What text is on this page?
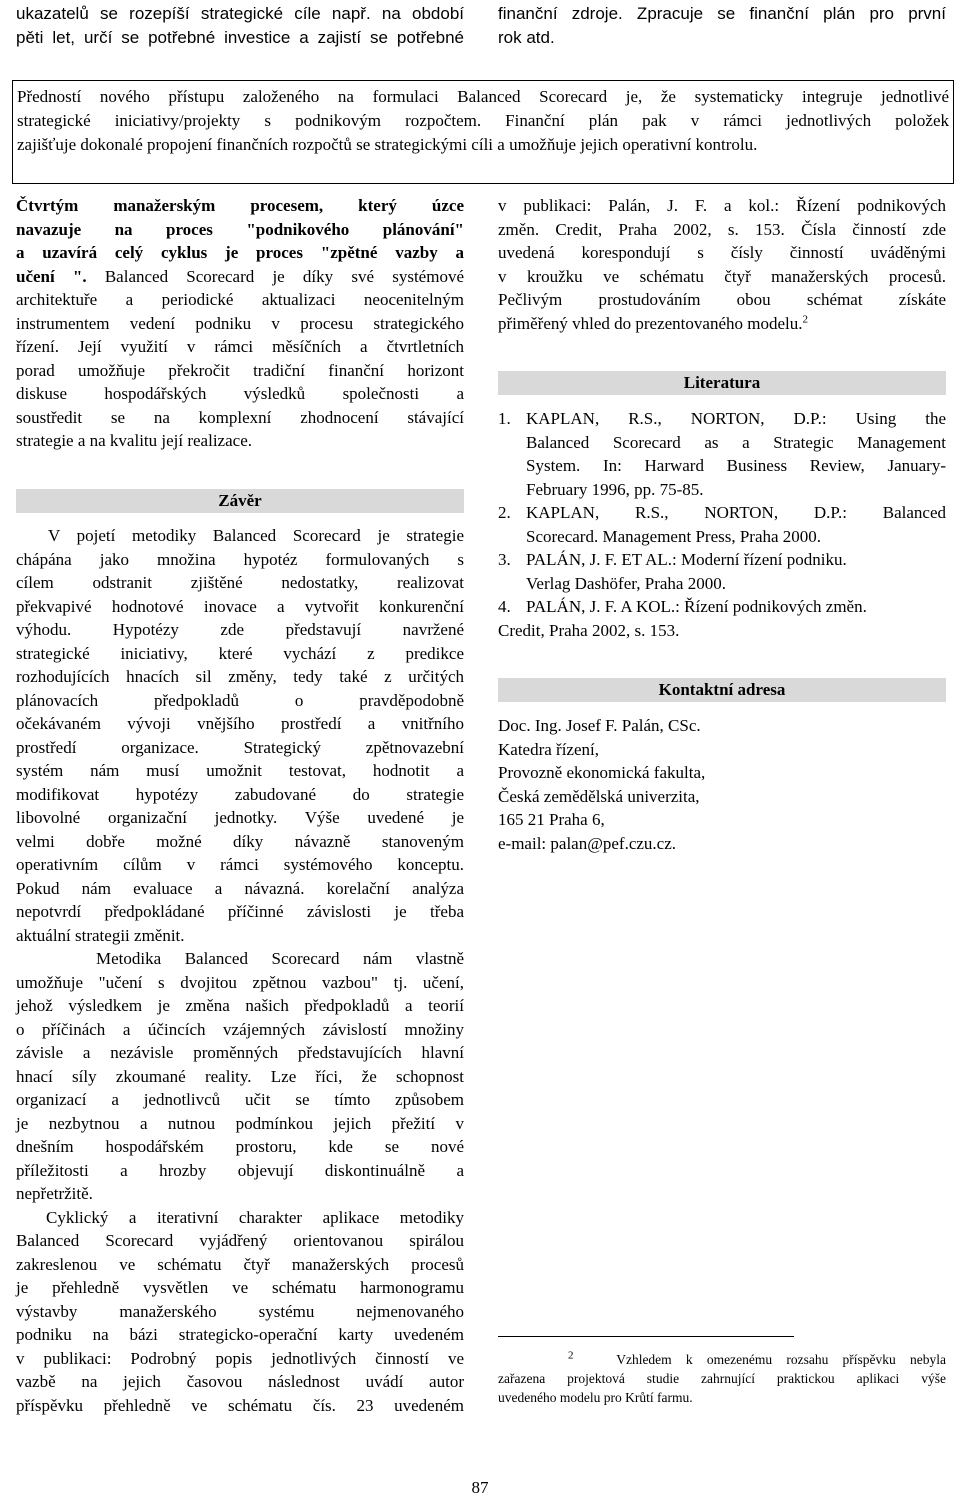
ukazatelů se rozepíší strategické cíle např. na období
pěti let, určí se potřebné investice a zajistí se potřebné
finanční zdroje. Zpracuje se finanční plán pro první
rok atd.
Předností nového přístupu založeného na formulaci Balanced Scorecard je, že systematicky integruje jednotlivé
strategické iniciativy/projekty s podnikovým rozpočtem. Finanční plán pak v rámci jednotlivých položek
zajišťuje dokonalé propojení finančních rozpočtů se strategickými cíli a umožňuje jejich operativní kontrolu.
Čtvrtým manažerským procesem, který úzce
navazuje na proces "podnikového plánování"
a uzavírá celý cyklus je proces "zpětné vazby a
učení ". Balanced Scorecard je díky své systémové
architektuře a periodické aktualizaci neocenitelným
instrumentem vedení podniku v procesu strategického
řízení. Její využití v rámci měsíčních a čtvrtletních
porad umožňuje překročit tradiční finanční horizont
diskuse hospodářských výsledků společnosti a
soustředit se na komplexní zhodnocení stávající
strategie a na kvalitu její realizace.
Závěr
V pojetí metodiky Balanced Scorecard je strategie
chápána jako množina hypotéz formulovaných s
cílem odstranit zjištěné nedostatky, realizovat
překvapivé hodnotové inovace a vytvořit konkurenční
výhodu. Hypotézy zde představují navržené
strategické iniciativy, které vychází z predikce
rozhodujících hnacích sil změny, tedy také z určitých
plánovacích předpokladů o pravděpodobně
očekávaném vývoji vnějšího prostředí a vnitřního
prostředí organizace. Strategický zpětnovazební
systém nám musí umožnit testovat, hodnotit a
modifikovat hypotézy zabudované do strategie
libovolné organizační jednotky. Výše uvedené je
velmi dobře možné díky návazně stanoveným
operativním cílům v rámci systémového konceptu.
Pokud nám evaluace a návazná. korelační analýza
nepotvrdí předpokládané příčinné závislosti je třeba
aktuální strategii změnit.
Metodika Balanced Scorecard nám vlastně
umožňuje "učení s dvojitou zpětnou vazbou" tj. učení,
jehož výsledkem je změna našich předpokladů a teorií
o příčinách a účincích vzájemných závislostí množiny
závisle a nezávisle proměnných představujících hlavní
hnací síly zkoumané reality. Lze říci, že schopnost
organizací a jednotlivců učit se tímto způsobem
je nezbytnou a nutnou podmínkou jejich přežití v
dnešním hospodářském prostoru, kde se nové
příležitosti a hrozby objevují diskontinuálně a
nepřetržitě.
Cyklický a iterativní charakter aplikace metodiky
Balanced Scorecard vyjádřený orientovanou spirálou
zakreslenou ve schématu čtyř manažerských procesů
je přehledně vysvětlen ve schématu harmonogramu
výstavby manažerského systému nejmenovaného
podniku na bázi strategicko-operační karty uvedeném
v publikaci: Podrobný popis jednotlivých činností ve
vazbě na jejich časovou následnost uvádí autor
příspěvku přehledně ve schématu čís. 23 uvedeném
v publikaci: Palán, J. F. a kol.: Řízení podnikových
změn. Credit, Praha 2002, s. 153. Čísla činností zde
uvedená korespondují s čísly činností uváděnými
v kroužku ve schématu čtyř manažerských procesů.
Pečlivým prostudováním obou schémat získáte
přiměřený vhled do prezentovaného modelu.$^2$
Literatura
1. KAPLAN, R.S., NORTON, D.P.: Using the
Balanced Scorecard as a Strategic Management
System. In: Harward Business Review, January-
February 1996, pp. 75-85.
2. KAPLAN, R.S., NORTON, D.P.: Balanced
Scorecard. Management Press, Praha 2000.
3. PALÁN, J. F. ET AL.: Moderní řízení podniku.
Verlag Dashöfer, Praha 2000.
4. PALÁN, J. F. A KOL.: Řízení podnikových změn.
Credit, Praha 2002, s. 153.
Kontaktní adresa
Doc. Ing. Josef F. Palán, CSc.
Katedra řízení,
Provozně ekonomická fakulta,
Česká zemědělská univerzita,
165 21 Praha 6,
e-mail: palan@pef.czu.cz.
$^2$	Vzhledem k omezenému rozsahu příspěvku nebyla
zařazena projektová studie zahrnující praktickou aplikaci výše
uvedeného modelu pro Krůtí farmu.
87
